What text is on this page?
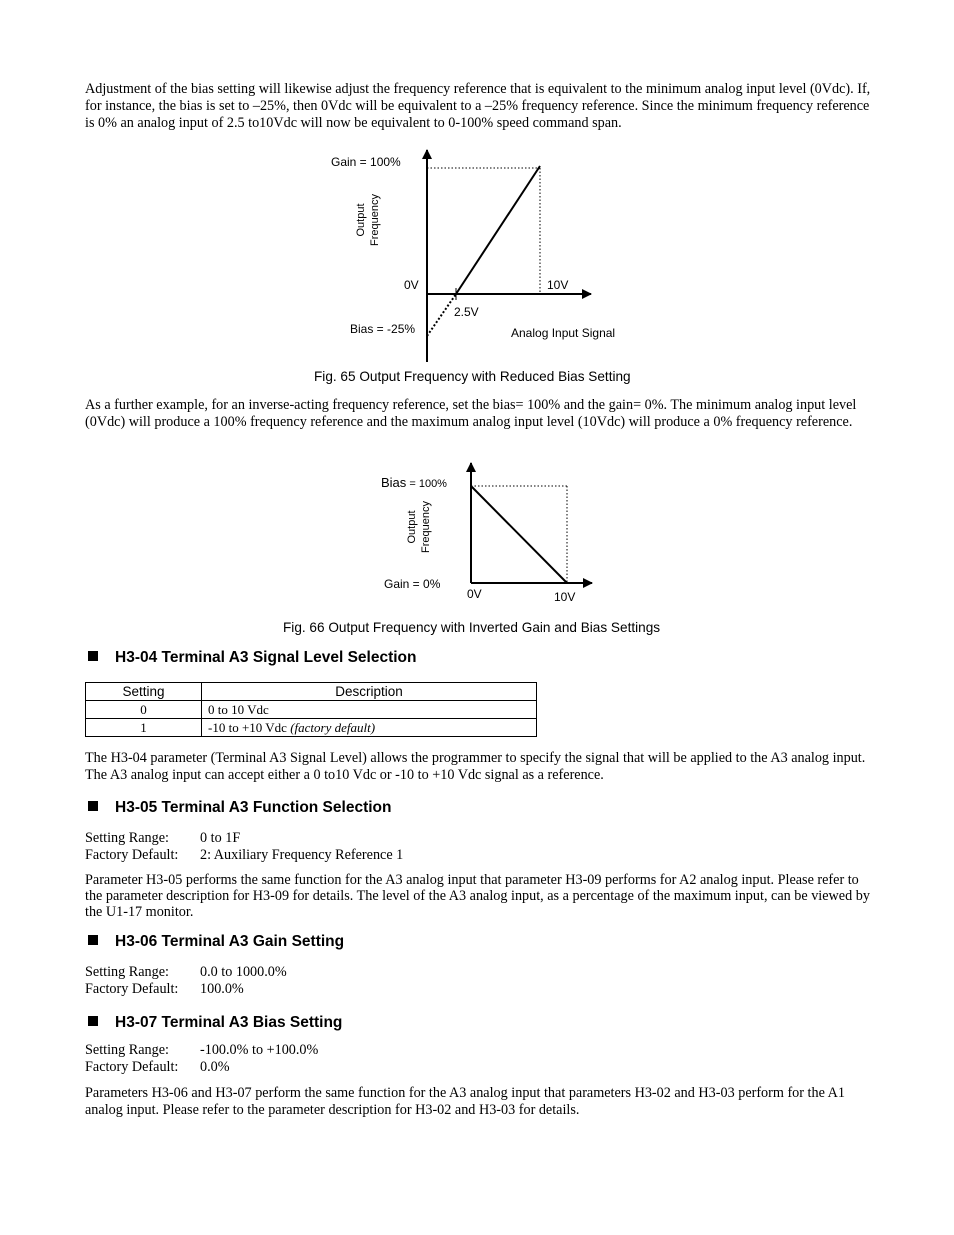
Adjustment of the bias setting will likewise adjust the frequency reference that is equivalent to the minimum analog input level (0Vdc). If, for instance, the bias is set to –25%, then 0Vdc will be equivalent to a –25% frequency reference. Since the minimum frequency reference is 0% an analog input of 2.5 to10Vdc will now be equivalent to 0-100% speed command span.

Gain = 100%
Output Frequency
0V	10V
2.5V
Bias = -25%	Analog Input Signal
Fig. 65 Output Frequency with Reduced Bias Setting

As a further example, for an inverse-acting frequency reference, set the bias= 100% and the gain= 0%. The minimum analog input level (0Vdc) will produce a 100% frequency reference and the maximum analog input level (10Vdc) will produce a 0% frequency reference.

Bias = 100%
Output Frequency
Gain = 0%
0V	10V
Fig. 66 Output Frequency with Inverted Gain and Bias Settings
H3-04 Terminal A3 Signal Level Selection
Setting	Description
0	0 to 10 Vdc
1	-10 to +10 Vdc (factory default)

The H3-04 parameter (Terminal A3 Signal Level) allows the programmer to specify the signal that will be applied to the A3 analog input. The A3 analog input can accept either a 0 to10 Vdc or -10 to +10 Vdc signal as a reference.

H3-05 Terminal A3 Function Selection
Setting Range: 0 to 1F
Factory Default: 2: Auxiliary Frequency Reference 1

Parameter H3-05 performs the same function for the A3 analog input that parameter H3-09 performs for A2 analog input. Please refer to the parameter description for H3-09 for details. The level of the A3 analog input, as a percentage of the maximum input, can be viewed by the U1-17 monitor.

H3-06 Terminal A3 Gain Setting
Setting Range: 0.0 to 1000.0%
Factory Default: 100.0%
H3-07 Terminal A3 Bias Setting
Setting Range: -100.0% to +100.0%
Factory Default: 0.0%

Parameters H3-06 and H3-07 perform the same function for the A3 analog input that parameters H3-02 and H3-03 perform for the A1 analog input. Please refer to the parameter description for H3-02 and H3-03 for details.
